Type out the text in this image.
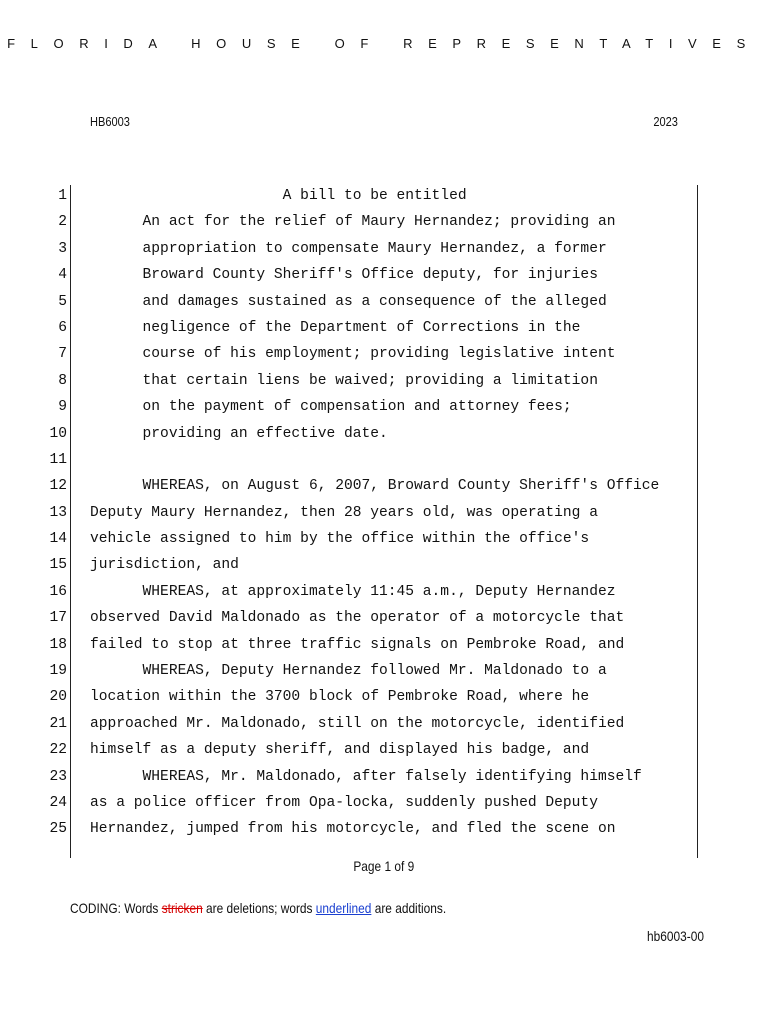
FLORIDA HOUSE OF REPRESENTATIVES
HB6003	2023
1 A bill to be entitled
2 An act for the relief of Maury Hernandez; providing an
3 appropriation to compensate Maury Hernandez, a former
4 Broward County Sheriff's Office deputy, for injuries
5 and damages sustained as a consequence of the alleged
6 negligence of the Department of Corrections in the
7 course of his employment; providing legislative intent
8 that certain liens be waived; providing a limitation
9 on the payment of compensation and attorney fees;
10 providing an effective date.
11
12 WHEREAS, on August 6, 2007, Broward County Sheriff's Office
13 Deputy Maury Hernandez, then 28 years old, was operating a
14 vehicle assigned to him by the office within the office's
15 jurisdiction, and
16 WHEREAS, at approximately 11:45 a.m., Deputy Hernandez
17 observed David Maldonado as the operator of a motorcycle that
18 failed to stop at three traffic signals on Pembroke Road, and
19 WHEREAS, Deputy Hernandez followed Mr. Maldonado to a
20 location within the 3700 block of Pembroke Road, where he
21 approached Mr. Maldonado, still on the motorcycle, identified
22 himself as a deputy sheriff, and displayed his badge, and
23 WHEREAS, Mr. Maldonado, after falsely identifying himself
24 as a police officer from Opa-locka, suddenly pushed Deputy
25 Hernandez, jumped from his motorcycle, and fled the scene on
Page 1 of 9
CODING: Words stricken are deletions; words underlined are additions.
hb6003-00
